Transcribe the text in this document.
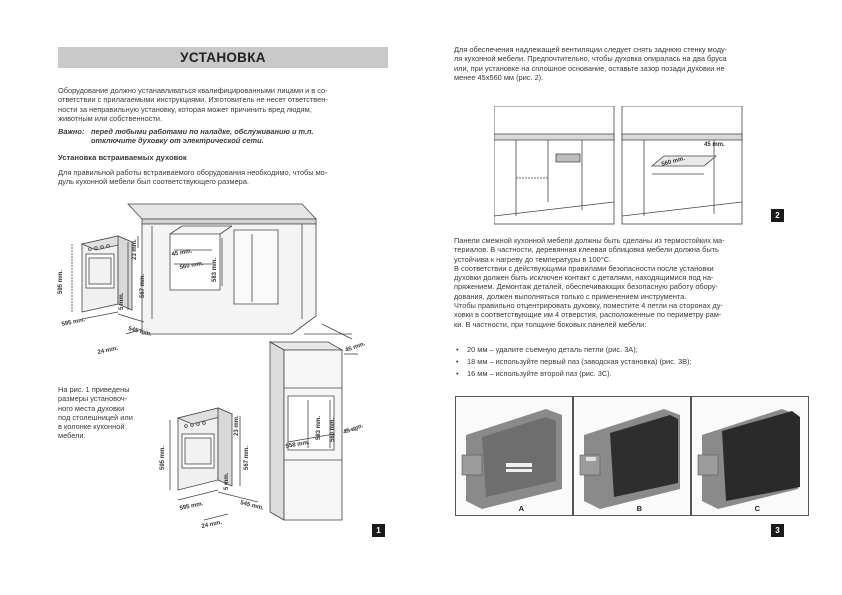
УСТАНОВКА
Оборудование должно устанавливаться квалифицированными лицами и в со-
ответствии с прилагаемыми инструкциями. Изготовитель не несет ответствен-
ности за неправильную установку, которая может причинить вред людям,
животным или собственности.
Важно: перед любыми работами по наладке, обслуживанию и т.п.
отключите духовку от электрической сети.
Установка встраиваемых духовок
Для правильной работы встраиваемого оборудования необходимо, чтобы мо-
дуль кухонной мебели был соответствующего размера.
595 mm.
23 mm.	45 mm.
560 mm. 583 mm.
567 mm.
5 mm.
595 mm.
545 mm.
24 mm.
На рис. 1 приведены
размеры установоч-
ного места духовки
под столешницей или
в колонке кухонной
мебели.
45 mm.
595 mm.
23 mm.
567 mm.
5 mm.
558 mm.
545 mm.
595 mm.
24 mm.
583 mm.	45 mm.
560 mm.
1
Для обеспечения надлежащей вентиляции следует снять заднюю стенку моду-
ля кухонной мебели. Предпочтительно, чтобы духовка опиралась на два бруса
или, при установке на сплошное основание, оставьте зазор позади духовки не
менее 45х560 мм (рис. 2).
560 mm.
45 mm.
2
Панели смежной кухонной мебели должны быть сделаны из термостойких ма-
териалов. В частности, деревянная клеевая облицовка мебели должна быть
устойчива к нагреву до температуры в 100°С.
В соответствии с действующими правилами безопасности после установки
духовки должен быть исключен контакт с деталями, находящимися под на-
пряжением. Демонтаж деталей, обеспечивающих безопасную работу обору-
дования, должен выполняться только с применением инструмента.
Чтобы правильно отцентрировать духовку, поместите 4 петли на сторонах ду-
ховки в соответствующие им 4 отверстия, расположенные по периметру рам-
ки. В частности, при толщине боковых панелей мебели:
• 20 мм – удалите съемную деталь петли (рис. 3А);
• 18 мм – используйте первый паз (заводская установка) (рис. 3В);
• 16 мм – используйте второй паз (рис. 3С).
A	B	C
3
